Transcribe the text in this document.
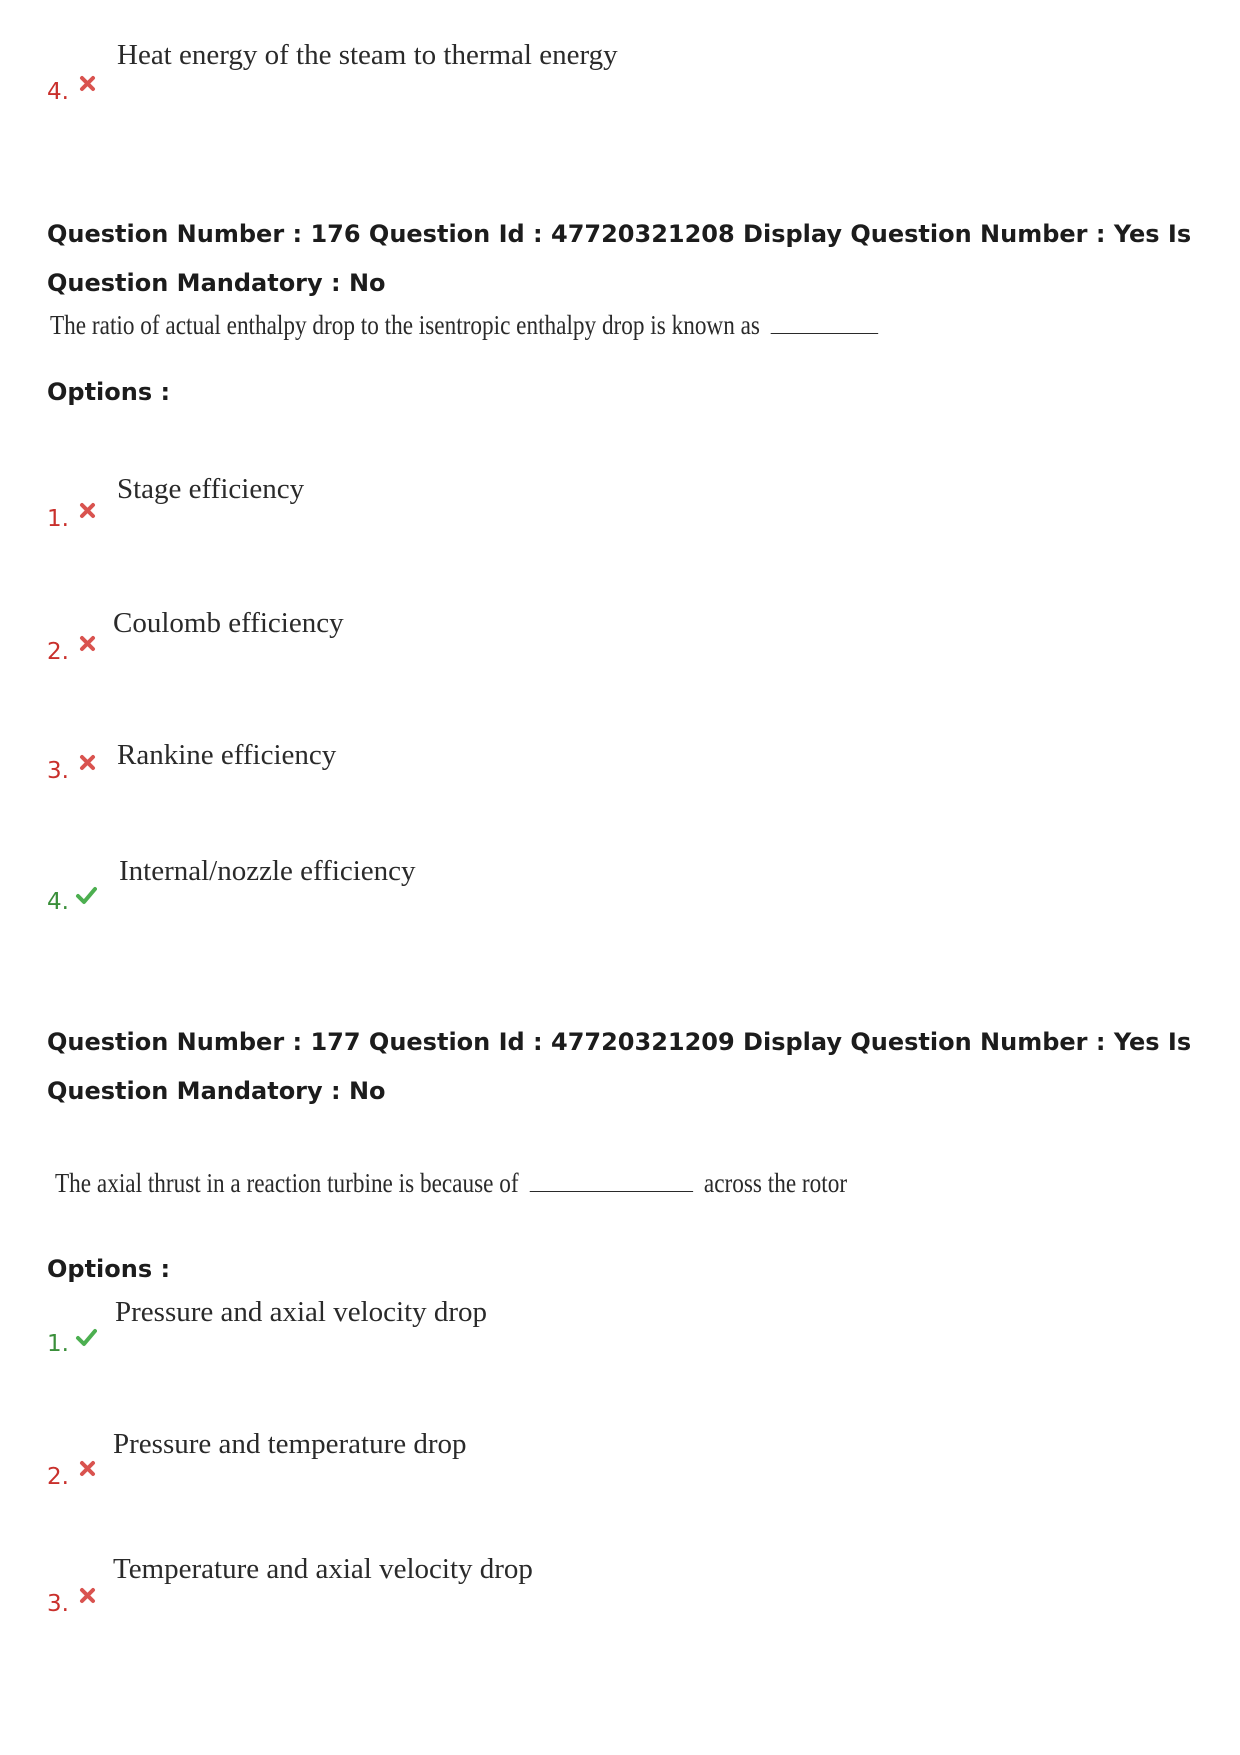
4.
Heat energy of the steam to thermal energy
Question Number : 176 Question Id : 47720321208 Display Question Number : Yes Is Question Mandatory : No
The ratio of actual enthalpy drop to the isentropic enthalpy drop is known as
Options :
1.
Stage efficiency
2.
Coulomb efficiency
3. Rankine efficiency
4.
Internal/nozzle efficiency
Question Number : 177 Question Id : 47720321209 Display Question Number : Yes Is Question Mandatory : No
The axial thrust in a reaction turbine is because of	across the rotor
Options :
1.
Pressure and axial velocity drop
2.
Pressure and temperature drop
3.
Temperature and axial velocity drop
